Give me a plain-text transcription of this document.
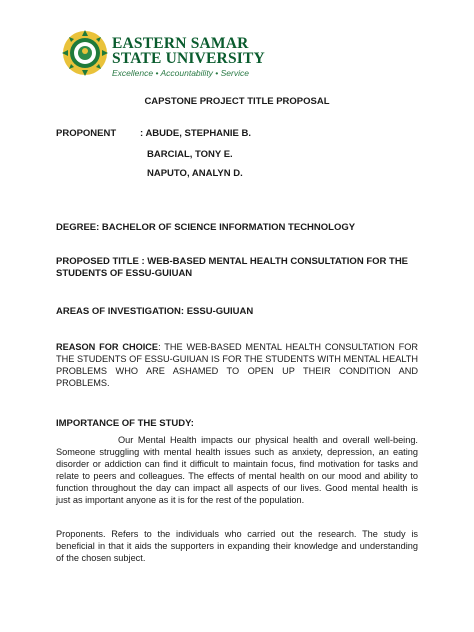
EASTERN SAMAR
STATE UNIVERSITY
Excellence • Accountability • Service
CAPSTONE PROJECT TITLE PROPOSAL
PROPONENT	: ABUDE, STEPHANIE B.
BARCIAL, TONY E.
NAPUTO, ANALYN D.
DEGREE: BACHELOR OF SCIENCE INFORMATION TECHNOLOGY
PROPOSED TITLE : WEB-BASED MENTAL HEALTH CONSULTATION FOR THE
STUDENTS OF ESSU-GUIUAN
AREAS OF INVESTIGATION: ESSU-GUIUAN
REASON FOR CHOICE: THE WEB-BASED MENTAL HEALTH CONSULTATION FOR THE STUDENTS OF ESSU-GUIUAN IS FOR THE STUDENTS WITH MENTAL HEALTH PROBLEMS WHO ARE ASHAMED TO OPEN UP THEIR CONDITION AND PROBLEMS.
IMPORTANCE OF THE STUDY:
Our Mental Health impacts our physical health and overall well-being. Someone struggling with mental health issues such as anxiety, depression, an eating disorder or addiction can find it difficult to maintain focus, find motivation for tasks and relate to peers and colleagues. The effects of mental health on our mood and ability to function throughout the day can impact all aspects of our lives. Good mental health is just as important anyone as it is for the rest of the population.
Proponents. Refers to the individuals who carried out the research. The study is beneficial in that it aids the supporters in expanding their knowledge and understanding of the chosen subject.
